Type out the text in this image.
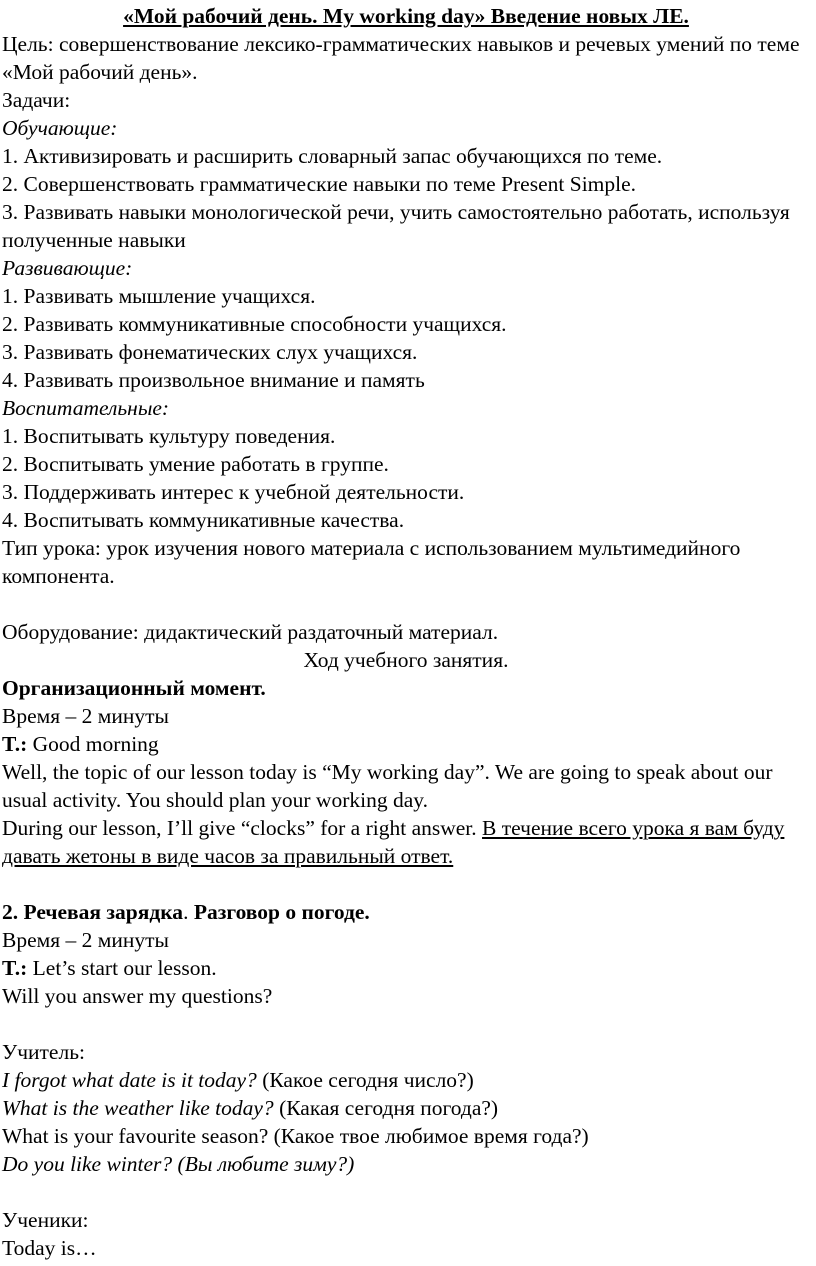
«Мой рабочий день. My working day» Введение новых ЛЕ.

Цель: совершенствование лексико-грамматических навыков и речевых умений по теме «Мой рабочий день».

Задачи:

Обучающие:

1. Активизировать и расширить словарный запас обучающихся по теме.

2. Совершенствовать грамматические навыки по теме Present Simple.

3. Развивать навыки монологической речи, учить самостоятельно работать, используя полученные навыки

Развивающие:

1. Развивать мышление учащихся.

2. Развивать коммуникативные способности учащихся.

3. Развивать фонематических слух учащихся.

4. Развивать произвольное внимание и память

Воспитательные:

1. Воспитывать культуру поведения.

2. Воспитывать умение работать в группе.

3. Поддерживать интерес к учебной деятельности.

4. Воспитывать коммуникативные качества.

Тип урока: урок изучения нового материала с использованием мультимедийного компонента.

Оборудование: дидактический раздаточный материал.

Ход учебного занятия.

Организационный момент.

Время – 2 минуты

T.: Good morning

Well, the topic of our lesson today is “My working day”. We are going to speak about our usual activity. You should plan your working day.

During our lesson, I’ll give “clocks” for a right answer. В течение всего урока я вам буду давать жетоны в виде часов за правильный ответ.

2. Речевая зарядка. Разговор о погоде.

Время – 2 минуты

T.: Let’s start our lesson.

Will you answer my questions?

Учитель:

I forgot what date is it today? (Какое сегодня число?)

What is the weather like today? (Какая сегодня погода?)

What is your favourite season? (Какое твое любимое время года?)

Do you like winter? (Вы любите зиму?)

Ученики:

Today is…
